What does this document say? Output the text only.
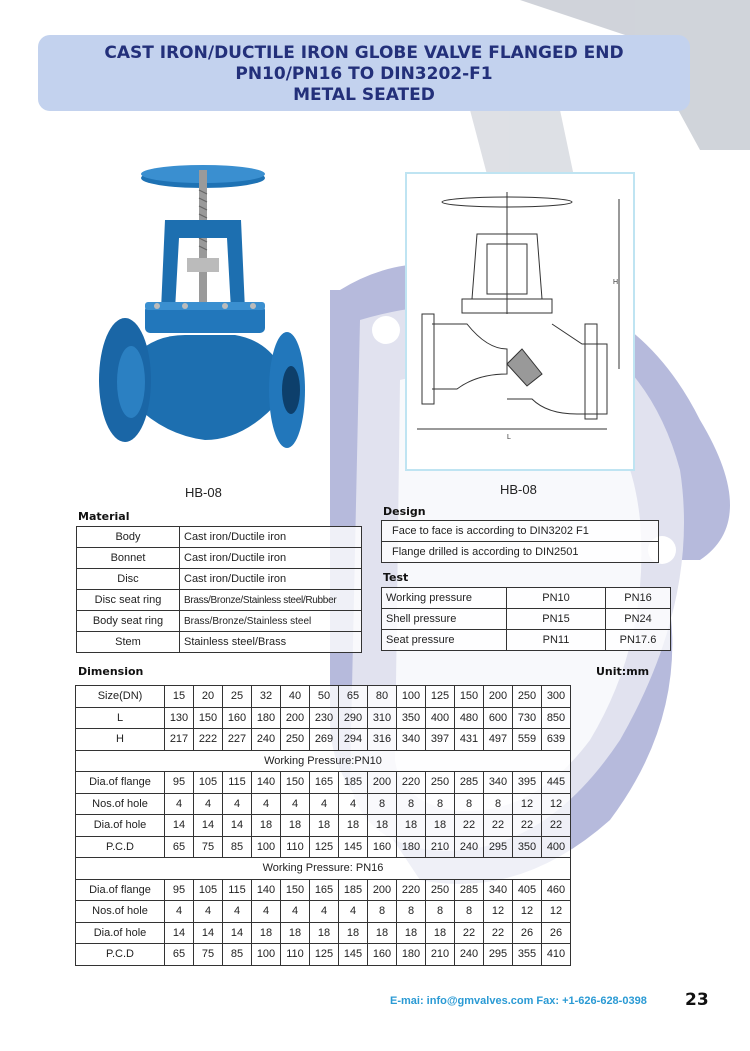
CAST IRON/DUCTILE IRON GLOBE VALVE FLANGED END
PN10/PN16 TO DIN3202-F1
METAL SEATED
H
L
HB-08	HB-08
Material
Body	Cast iron/Ductile iron
Bonnet	Cast iron/Ductile iron
Disc	Cast iron/Ductile iron
Disc seat ring	Brass/Bronze/Stainless steel/Rubber
Body seat ring	Brass/Bronze/Stainless steel
Stem	Stainless steel/Brass
Design
Face to face is according to DIN3202 F1
Flange drilled is according to DIN2501
Test
Working pressure	PN10	PN16
Shell pressure	PN15	PN24
Seat pressure	PN11	PN17.6
Dimension	Unit:mm
Size(DN)	15	20	25	32	40	50	65	80	100	125	150	200	250	300
L	130	150	160	180	200	230	290	310	350	400	480	600	730	850
H	217	222	227	240	250	269	294	316	340	397	431	497	559	639
Working Pressure:PN10														
Dia.of flange	95	105	115	140	150	165	185	200	220	250	285	340	395	445
Nos.of hole	4	4	4	4	4	4	4	8	8	8	8	8	12	12
Dia.of hole	14	14	14	18	18	18	18	18	18	18	22	22	22	22
P.C.D	65	75	85	100	110	125	145	160	180	210	240	295	350	400
Working Pressure: PN16														
Dia.of flange	95	105	115	140	150	165	185	200	220	250	285	340	405	460
Nos.of hole	4	4	4	4	4	4	4	8	8	8	8	12	12	12
Dia.of hole	14	14	14	18	18	18	18	18	18	18	22	22	26	26
P.C.D	65	75	85	100	110	125	145	160	180	210	240	295	355	410
E-mai: info@gmvalves.com Fax: +1-626-628-0398 23
